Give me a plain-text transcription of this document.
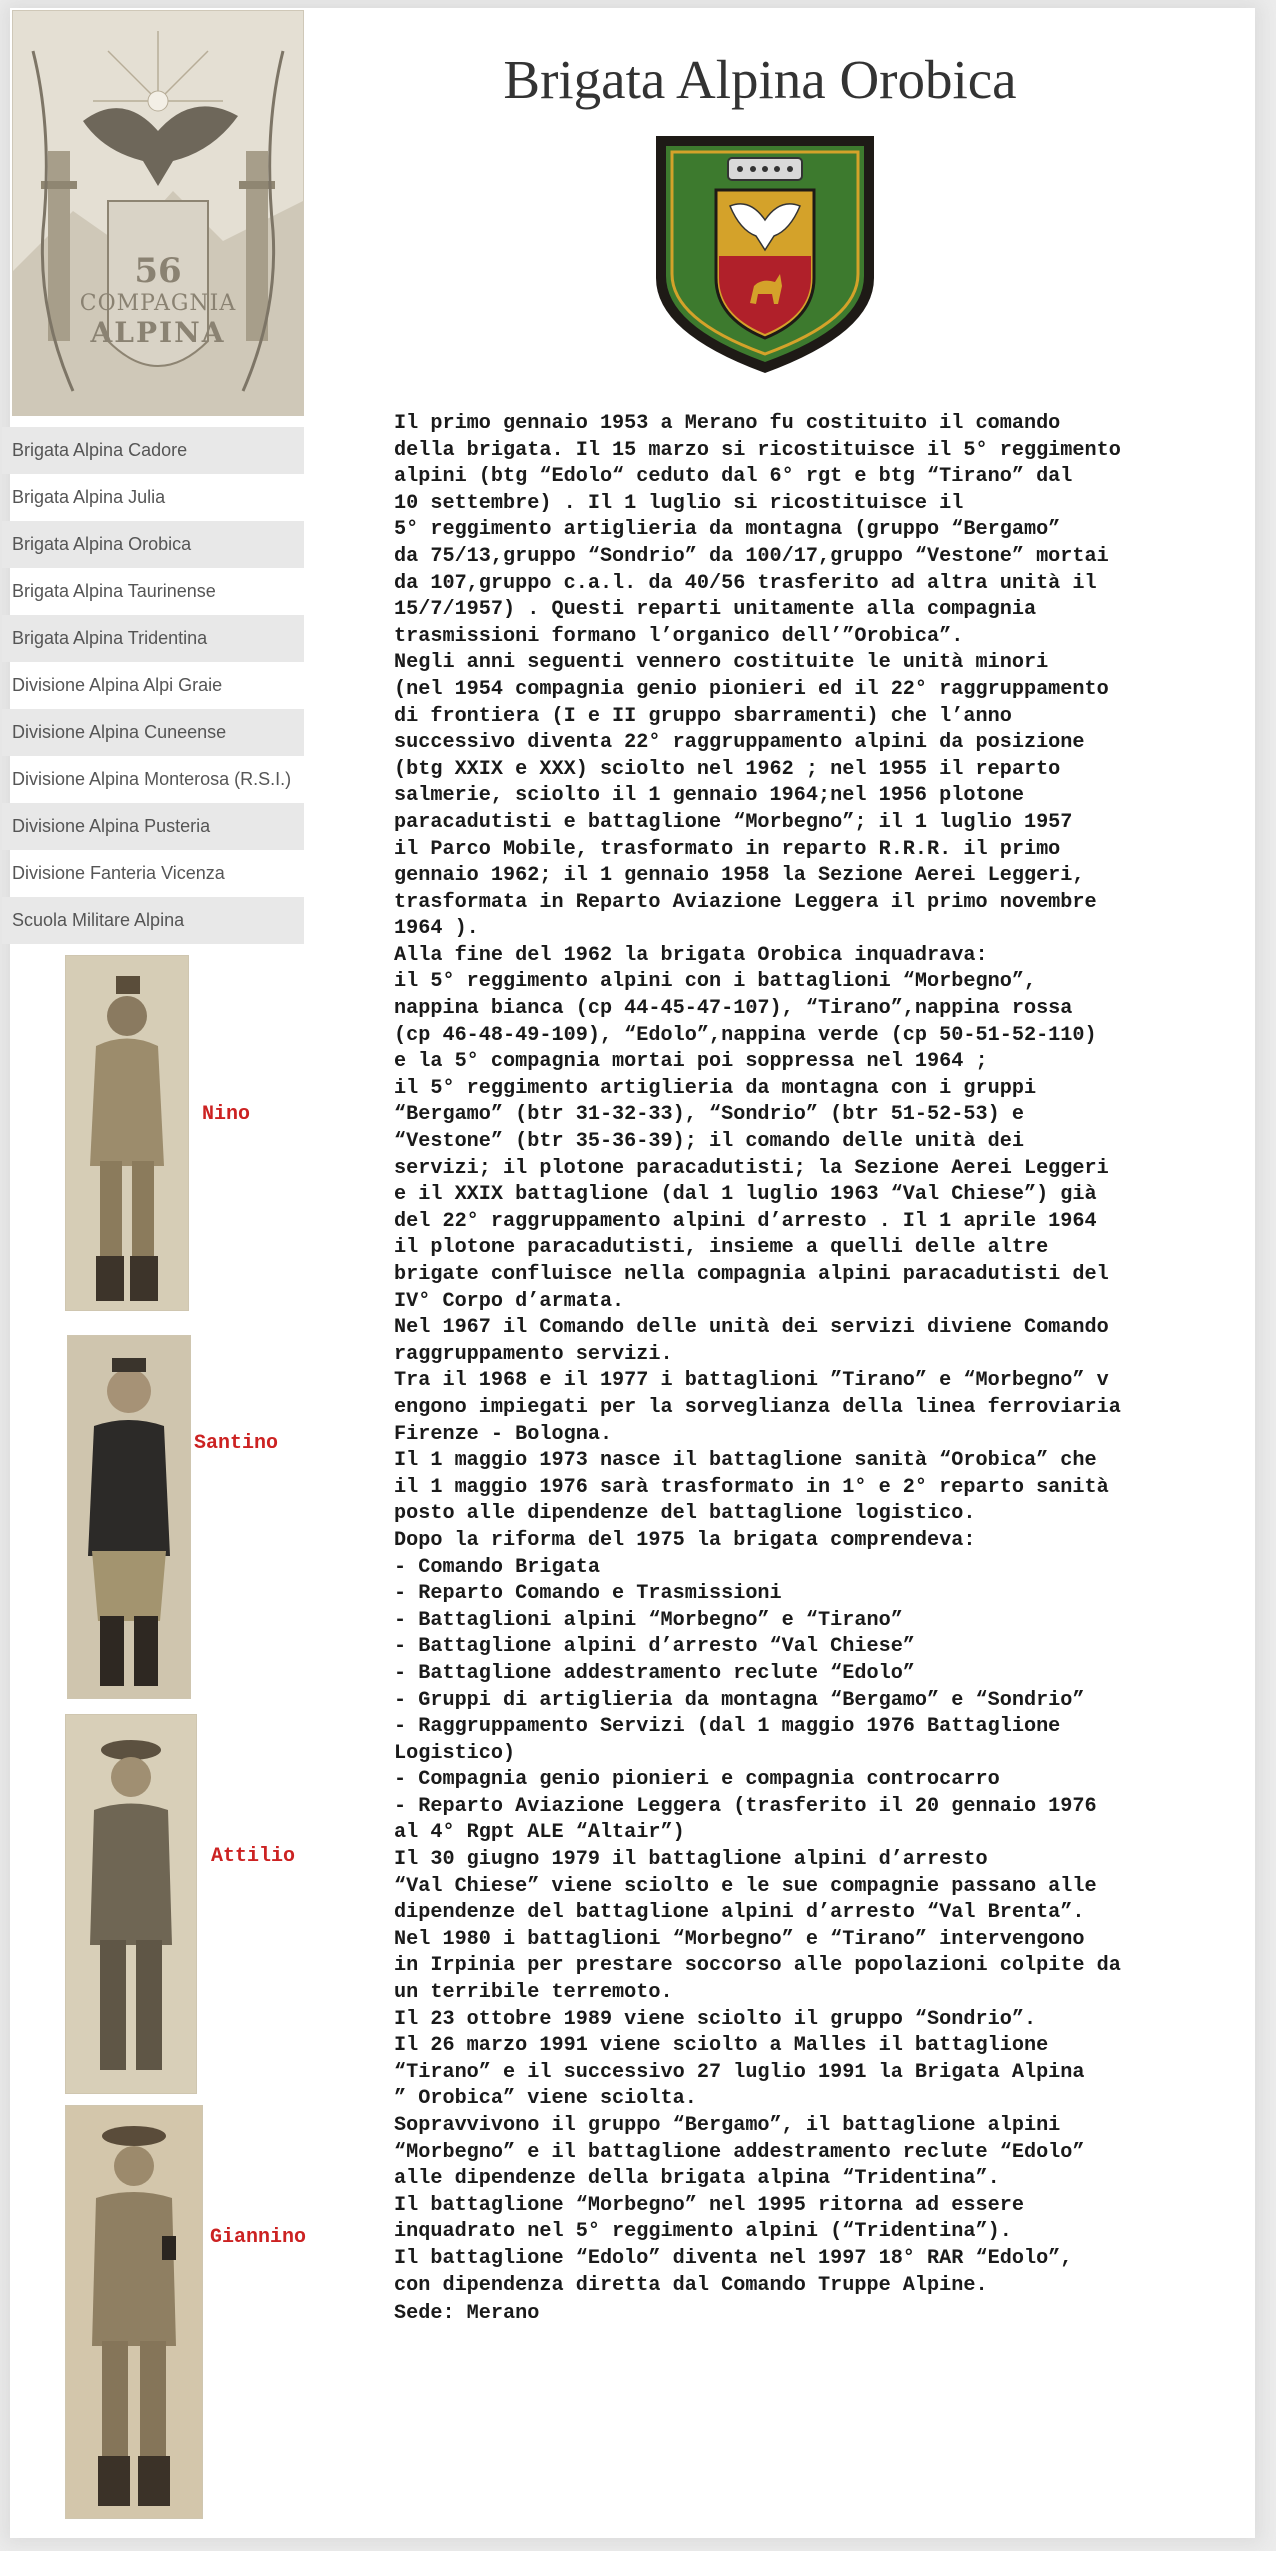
56
COMPAGNIA
ALPINA
Brigata Alpina Cadore
Brigata Alpina Julia
Brigata Alpina Orobica
Brigata Alpina Taurinense
Brigata Alpina Tridentina
Divisione Alpina Alpi Graie
Divisione Alpina Cuneense
Divisione Alpina Monterosa (R.S.I.)
Divisione Alpina Pusteria
Divisione Fanteria Vicenza
Scuola Militare Alpina
Nino
Santino
Attilio
Giannino
Brigata Alpina Orobica
Il primo gennaio 1953 a Merano fu costituito il comando
della brigata. Il 15 marzo si ricostituisce il 5° reggimento
alpini (btg “Edolo“ ceduto dal 6° rgt e btg “Tirano” dal
10 settembre) . Il 1 luglio si ricostituisce il
5° reggimento artiglieria da montagna (gruppo “Bergamo”
da 75/13,gruppo “Sondrio” da 100/17,gruppo “Vestone” mortai
da 107,gruppo c.a.l. da 40/56 trasferito ad altra unità il
15/7/1957) . Questi reparti unitamente alla compagnia
trasmissioni formano l’organico dell’”Orobica”.
Negli anni seguenti vennero costituite le unità minori
(nel 1954 compagnia genio pionieri ed il 22° raggruppamento
di frontiera (I e II gruppo sbarramenti) che l’anno
successivo diventa 22° raggruppamento alpini da posizione
(btg XXIX e XXX) sciolto nel 1962 ; nel 1955 il reparto
salmerie, sciolto il 1 gennaio 1964;nel 1956 plotone
paracadutisti e battaglione “Morbegno”; il 1 luglio 1957
il Parco Mobile, trasformato in reparto R.R.R. il primo
gennaio 1962; il 1 gennaio 1958 la Sezione Aerei Leggeri,
trasformata in Reparto Aviazione Leggera il primo novembre
1964 ).
Alla fine del 1962 la brigata Orobica inquadrava:
il 5° reggimento alpini con i battaglioni “Morbegno”,
nappina bianca (cp 44-45-47-107), “Tirano”,nappina rossa
(cp 46-48-49-109), “Edolo”,nappina verde (cp 50-51-52-110)
e la 5° compagnia mortai poi soppressa nel 1964 ;
il 5° reggimento artiglieria da montagna con i gruppi
“Bergamo” (btr 31-32-33), “Sondrio” (btr 51-52-53) e
“Vestone” (btr 35-36-39); il comando delle unità dei
servizi; il plotone paracadutisti; la Sezione Aerei Leggeri
e il XXIX battaglione (dal 1 luglio 1963 “Val Chiese”) già
del 22° raggruppamento alpini d’arresto . Il 1 aprile 1964
il plotone paracadutisti, insieme a quelli delle altre
brigate confluisce nella compagnia alpini paracadutisti del
IV° Corpo d’armata.
Nel 1967 il Comando delle unità dei servizi diviene Comando
raggruppamento servizi.
Tra il 1968 e il 1977 i battaglioni ”Tirano” e “Morbegno” v
engono impiegati per la sorveglianza della linea ferroviaria
Firenze - Bologna.
Il 1 maggio 1973 nasce il battaglione sanità “Orobica” che
il 1 maggio 1976 sarà trasformato in 1° e 2° reparto sanità
posto alle dipendenze del battaglione logistico.
Dopo la riforma del 1975 la brigata comprendeva:
- Comando Brigata
- Reparto Comando e Trasmissioni
- Battaglioni alpini “Morbegno” e “Tirano”
- Battaglione alpini d’arresto “Val Chiese”
- Battaglione addestramento reclute “Edolo”
- Gruppi di artiglieria da montagna “Bergamo” e “Sondrio”
- Raggruppamento Servizi (dal 1 maggio 1976 Battaglione
Logistico)
- Compagnia genio pionieri e compagnia controcarro
- Reparto Aviazione Leggera (trasferito il 20 gennaio 1976
al 4° Rgpt ALE “Altair”)
Il 30 giugno 1979 il battaglione alpini d’arresto
“Val Chiese” viene sciolto e le sue compagnie passano alle
dipendenze del battaglione alpini d’arresto “Val Brenta”.
Nel 1980 i battaglioni “Morbegno” e “Tirano” intervengono
in Irpinia per prestare soccorso alle popolazioni colpite da
un terribile terremoto.
Il 23 ottobre 1989 viene sciolto il gruppo “Sondrio”.
Il 26 marzo 1991 viene sciolto a Malles il battaglione
“Tirano” e il successivo 27 luglio 1991 la Brigata Alpina
” Orobica” viene sciolta.
Sopravvivono il gruppo “Bergamo”, il battaglione alpini
“Morbegno” e il battaglione addestramento reclute “Edolo”
alle dipendenze della brigata alpina “Tridentina”.
Il battaglione “Morbegno” nel 1995 ritorna ad essere
inquadrato nel 5° reggimento alpini (“Tridentina”).
Il battaglione “Edolo” diventa nel 1997 18° RAR “Edolo”,
con dipendenza diretta dal Comando Truppe Alpine.
Sede: Merano
